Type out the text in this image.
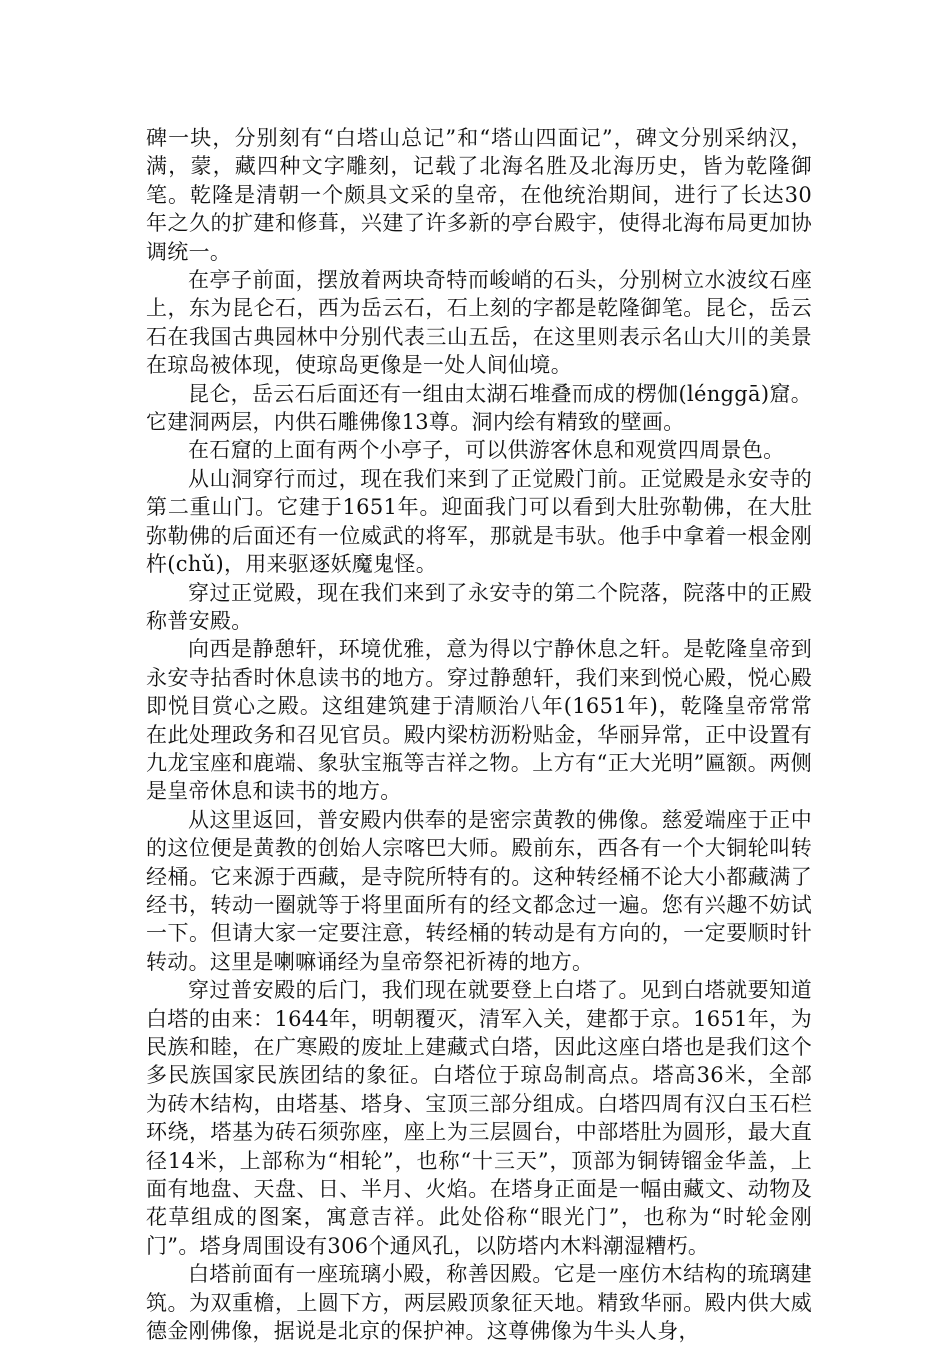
碑一块，分别刻有“白塔山总记”和“塔山四面记”，碑文分别采纳汉，满，蒙，藏四种文字雕刻，记载了北海名胜及北海历史，皆为乾隆御笔。乾隆是清朝一个颇具文采的皇帝，在他统治期间，进行了长达30年之久的扩建和修葺，兴建了许多新的亭台殿宇，使得北海布局更加协调统一。

在亭子前面，摆放着两块奇特而峻峭的石头，分别树立水波纹石座上，东为昆仑石，西为岳云石，石上刻的字都是乾隆御笔。昆仑，岳云石在我国古典园林中分别代表三山五岳，在这里则表示名山大川的美景在琼岛被体现，使琼岛更像是一处人间仙境。

昆仑，岳云石后面还有一组由太湖石堆叠而成的楞伽(lénggā)窟。它建洞两层，内供石雕佛像13尊。洞内绘有精致的壁画。

在石窟的上面有两个小亭子，可以供游客休息和观赏四周景色。

从山洞穿行而过，现在我们来到了正觉殿门前。正觉殿是永安寺的第二重山门。它建于1651年。迎面我门可以看到大肚弥勒佛，在大肚弥勒佛的后面还有一位威武的将军，那就是韦驮。他手中拿着一根金刚杵(chǔ)，用来驱逐妖魔鬼怪。

穿过正觉殿，现在我们来到了永安寺的第二个院落，院落中的正殿称普安殿。

向西是静憩轩，环境优雅，意为得以宁静休息之轩。是乾隆皇帝到永安寺拈香时休息读书的地方。穿过静憩轩，我们来到悦心殿，悦心殿即悦目赏心之殿。这组建筑建于清顺治八年(1651年)，乾隆皇帝常常在此处理政务和召见官员。殿内梁枋沥粉贴金，华丽异常，正中设置有九龙宝座和鹿端、象驮宝瓶等吉祥之物。上方有“正大光明”匾额。两侧是皇帝休息和读书的地方。

从这里返回，普安殿内供奉的是密宗黄教的佛像。慈爱端座于正中的这位便是黄教的创始人宗喀巴大师。殿前东，西各有一个大铜轮叫转经桶。它来源于西藏，是寺院所特有的。这种转经桶不论大小都藏满了经书，转动一圈就等于将里面所有的经文都念过一遍。您有兴趣不妨试一下。但请大家一定要注意，转经桶的转动是有方向的，一定要顺时针转动。这里是喇嘛诵经为皇帝祭祀祈祷的地方。

穿过普安殿的后门，我们现在就要登上白塔了。见到白塔就要知道白塔的由来：1644年，明朝覆灭，清军入关，建都于京。1651年，为民族和睦，在广寒殿的废址上建藏式白塔，因此这座白塔也是我们这个多民族国家民族团结的象征。白塔位于琼岛制高点。塔高36米，全部为砖木结构，由塔基、塔身、宝顶三部分组成。白塔四周有汉白玉石栏环绕，塔基为砖石须弥座，座上为三层圆台，中部塔肚为圆形，最大直径14米，上部称为“相轮”，也称“十三天”，顶部为铜铸镏金华盖，上面有地盘、天盘、日、半月、火焰。在塔身正面是一幅由藏文、动物及花草组成的图案，寓意吉祥。此处俗称“眼光门”，也称为“时轮金刚门”。塔身周围设有306个通风孔，以防塔内木料潮湿糟朽。

白塔前面有一座琉璃小殿，称善因殿。它是一座仿木结构的琉璃建筑。为双重檐，上圆下方，两层殿顶象征天地。精致华丽。殿内供大威德金刚佛像，据说是北京的保护神。这尊佛像为牛头人身，
